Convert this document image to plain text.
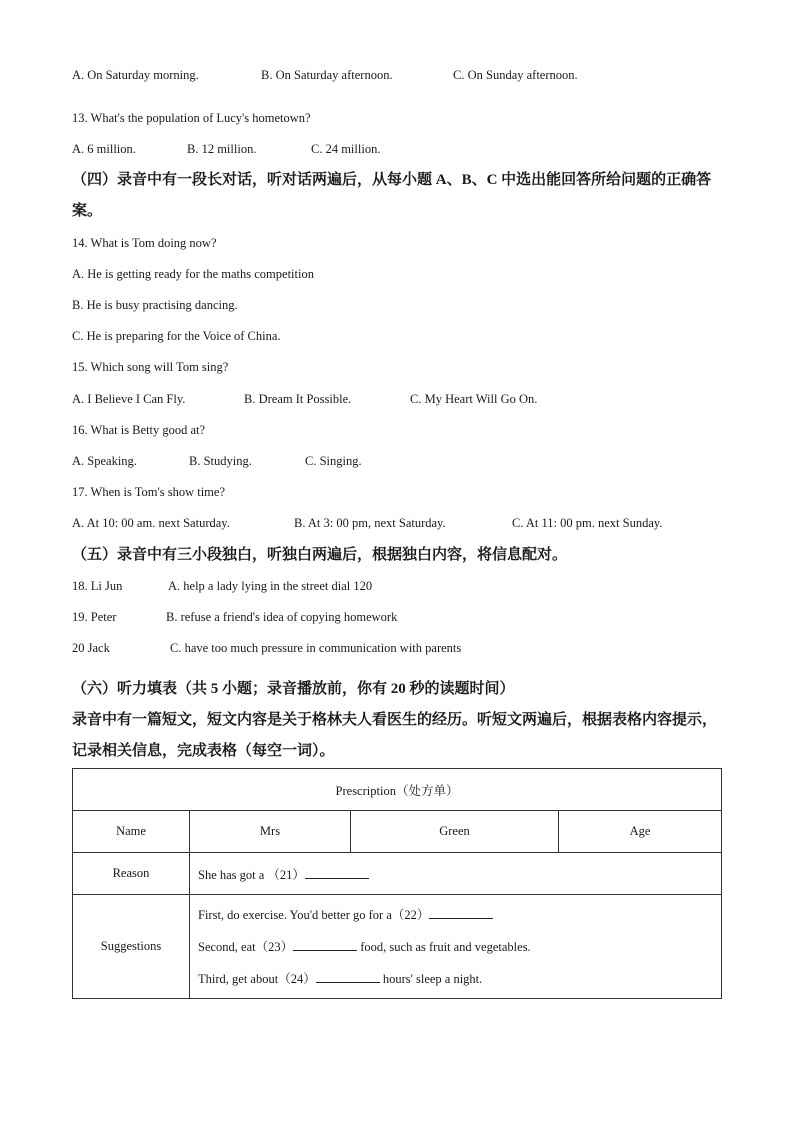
A. On Saturday morning.	B. On Saturday afternoon.	C. On Sunday afternoon.
13. What's the population of Lucy's hometown?
A. 6 million.	B. 12 million.	C. 24 million.
（四）录音中有一段长对话，听对话两遍后，从每小题 A、B、C 中选出能回答所给问题的正确答案。
14. What is Tom doing now?
A. He is getting ready for the maths competition
B. He is busy practising dancing.
C. He is preparing for the Voice of China.
15. Which song will Tom sing?
A. I Believe I Can Fly.	B. Dream It Possible.	C. My Heart Will Go On.
16. What is Betty good at?
A. Speaking.	B. Studying.	C. Singing.
17. When is Tom's show time?
A. At 10: 00 am. next Saturday.	B. At 3: 00 pm, next Saturday.	C. At 11: 00 pm. next Sunday.
（五）录音中有三小段独白，听独白两遍后，根据独白内容，将信息配对。
18. Li Jun	A. help a lady lying in the street dial 120
19. Peter	B. refuse a friend's idea of copying homework
20 Jack	C. have too much pressure in communication with parents
（六）听力填表（共 5 小题；录音播放前，你有 20 秒的读题时间）
录音中有一篇短文，短文内容是关于格林夫人看医生的经历。听短文两遍后，根据表格内容提示，记录相关信息，完成表格（每空一词）。
Prescription（处方单）			
Name	Mrs	Green	Age
Reason	She has got a （21）		
Suggestions	First, do exercise. You'd better go for a（22）
Second, eat（23） food, such as fruit and vegetables.
Third, get about（24） hours' sleep a night.		
